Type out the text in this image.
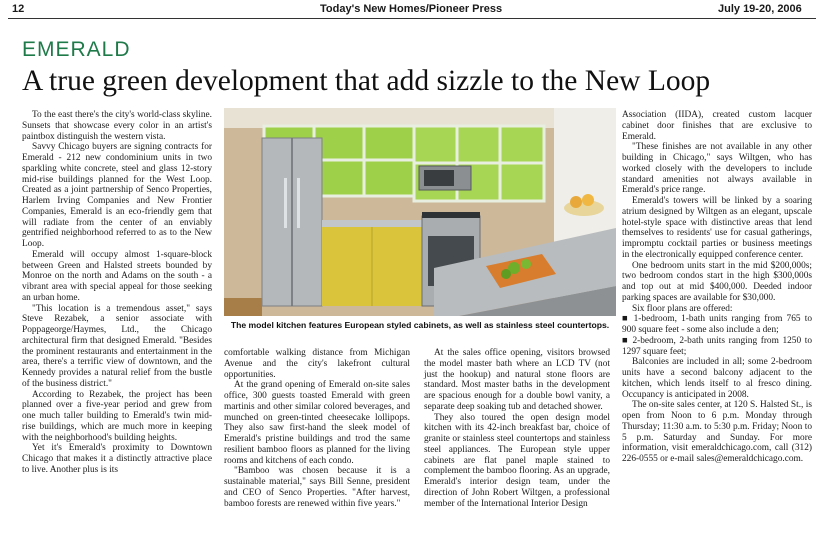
12	Today's New Homes/Pioneer Press	July 19-20, 2006
EMERALD
A true green development that add sizzle to the New Loop

To the east there's the city's world-class skyline. Sunsets that showcase every color in an artist's paintbox distinguish the western vista.

Savvy Chicago buyers are signing contracts for Emerald - 212 new condominium units in two sparkling white concrete, steel and glass 12-story mid-rise buildings planned for the West Loop. Created as a joint partnership of Senco Properties, Harlem Irving Companies and New Frontier Companies, Emerald is an eco-friendly gem that will radiate from the center of an enviably gentrified neighborhood referred to as to the New Loop.

Emerald will occupy almost 1-square-block between Green and Halsted streets bounded by Monroe on the north and Adams on the south - a vibrant area with special appeal for those seeking an urban home.

"This location is a tremendous asset," says Steve Rezabek, a senior associate with Poppageorge/Haymes, Ltd., the Chicago architectural firm that designed Emerald. "Besides the prominent restaurants and entertainment in the area, there's a terrific view of downtown, and the Kennedy provides a natural relief from the bustle of the business district."

According to Rezabek, the project has been planned over a five-year period and grew from one much taller building to Emerald's twin mid-rise buildings, which are much more in keeping with the neighborhood's building heights.

Yet it's Emerald's proximity to Downtown Chicago that makes it a distinctly attractive place to live. Another plus is its

The model kitchen features European styled cabinets, as well as stainless steel countertops.

comfortable walking distance from Michigan Avenue and the city's lakefront cultural opportunities.

At the grand opening of Emerald on-site sales office, 300 guests toasted Emerald with green martinis and other similar colored beverages, and munched on green-tinted cheesecake lollipops. They also saw first-hand the sleek model of Emerald's pristine buildings and trod the same resilient bamboo floors as planned for the living rooms and kitchens of each condo.

"Bamboo was chosen because it is a sustainable material," says Bill Senne, president and CEO of Senco Properties. "After harvest, bamboo forests are renewed within five years."

At the sales office opening, visitors browsed the model master bath where an LCD TV (not just the hookup) and natural stone floors are standard. Most master baths in the development are spacious enough for a double bowl vanity, a separate deep soaking tub and detached shower.

They also toured the open design model kitchen with its 42-inch breakfast bar, choice of granite or stainless steel countertops and stainless steel appliances. The European style upper cabinets are flat panel maple stained to complement the bamboo flooring. As an upgrade, Emerald's interior design team, under the direction of John Robert Wiltgen, a professional member of the International Interior Design

Association (IIDA), created custom lacquer cabinet door finishes that are exclusive to Emerald.

"These finishes are not available in any other building in Chicago," says Wiltgen, who has worked closely with the developers to include standard amenities not always available in Emerald's price range.

Emerald's towers will be linked by a soaring atrium designed by Wiltgen as an elegant, upscale hotel-style space with distinctive areas that lend themselves to residents' use for casual gatherings, impromptu cocktail parties or business meetings in the electronically equipped conference center.

One bedroom units start in the mid $200,000s; two bedroom condos start in the high $300,000s and top out at mid $400,000. Deeded indoor parking spaces are available for $30,000.

Six floor plans are offered:

■ 1-bedroom, 1-bath units ranging from 765 to 900 square feet - some also include a den;

■ 2-bedroom, 2-bath units ranging from 1250 to 1297 square feet;

Balconies are included in all; some 2-bedroom units have a second balcony adjacent to the kitchen, which lends itself to al fresco dining. Occupancy is anticipated in 2008.

The on-site sales center, at 120 S. Halsted St., is open from Noon to 6 p.m. Monday through Thursday; 11:30 a.m. to 5:30 p.m. Friday; Noon to 5 p.m. Saturday and Sunday. For more information, visit emeraldchicago.com, call (312) 226-0555 or e-mail sales@emeraldchicago.com.
